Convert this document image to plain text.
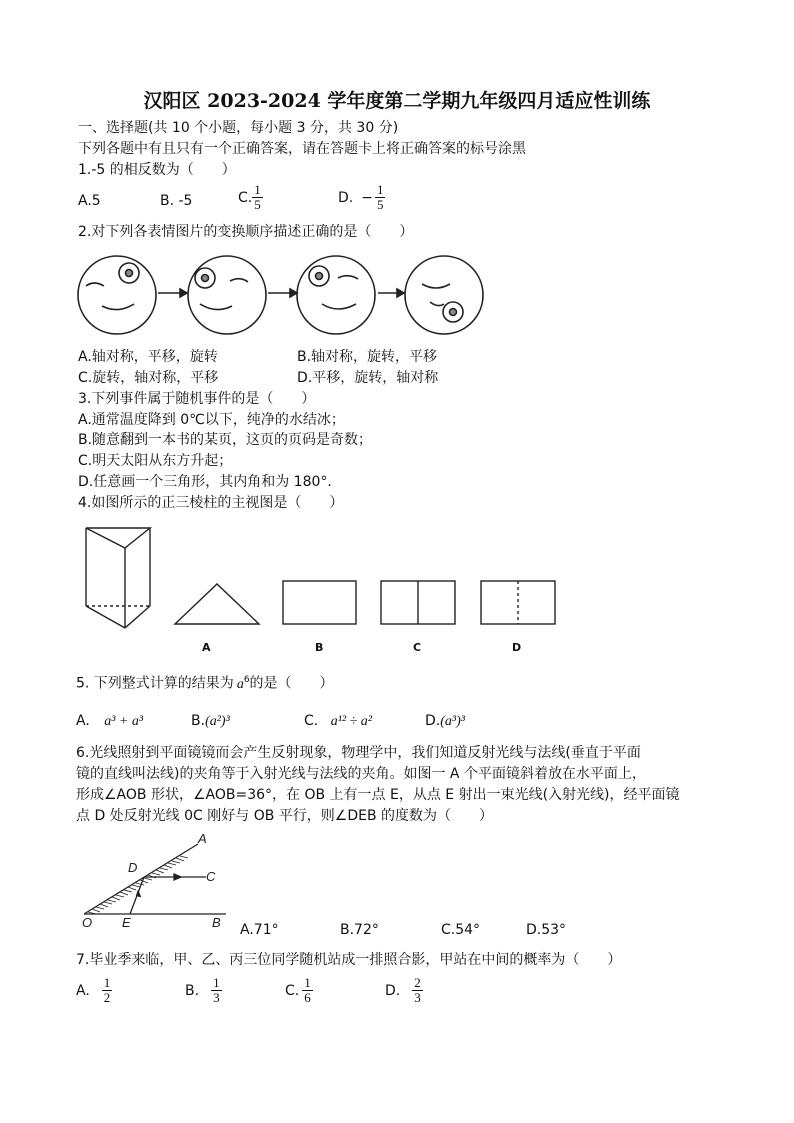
汉阳区 2023-2024 学年度第二学期九年级四月适应性训练
一、选择题(共 10 个小题，每小题 3 分，共 30 分)
下列各题中有且只有一个正确答案，请在答题卡上将正确答案的标号涂黑
1.-5 的相反数为（　　）
A.5	B. -5	C. $\frac{1}{5}$	D. − $\frac{1}{5}$
2.对下列各表情图片的变换顺序描述正确的是（　　）
A.轴对称，平移，旋转	B.轴对称，旋转，平移
C.旋转，轴对称，平移	D.平移，旋转，轴对称
3.下列事件属于随机事件的是（　　）
A.通常温度降到 0℃以下，纯净的水结冰；
B.随意翻到一本书的某页，这页的页码是奇数；
C.明天太阳从东方升起；
D.任意画一个三角形，其内角和为 180°．
4.如图所示的正三棱柱的主视图是（　　）
A	B	C	D
5. 下列整式计算的结果为 $a^6$的是（　　）
A. a³ + a³	B.(a²)³	C. a¹² ÷ a²	D.(a³)³
6.光线照射到平面镜镜而会产生反射现象，物理学中，我们知道反射光线与法线(垂直于平面
镜的直线叫法线)的夹角等于入射光线与法线的夹角。如图一 A 个平面镜斜着放在水平面上，
形成∠AOB 形状，∠AOB=36°，在 OB 上有一点 E，从点 E 射出一束光线(入射光线)，经平面镜
点 D 处反射光线 0C 刚好与 OB 平行，则∠DEB 的度数为（　　）
A
C
D
O E	B A.71°	B.72°	C.54°	D.53°
7.毕业季来临，甲、乙、丙三位同学随机站成一排照合影，甲站在中间的概率为（　　）
A. $\frac{1}{2}$	B. $\frac{1}{3}$	C. $\frac{1}{6}$	D. $\frac{2}{3}$
